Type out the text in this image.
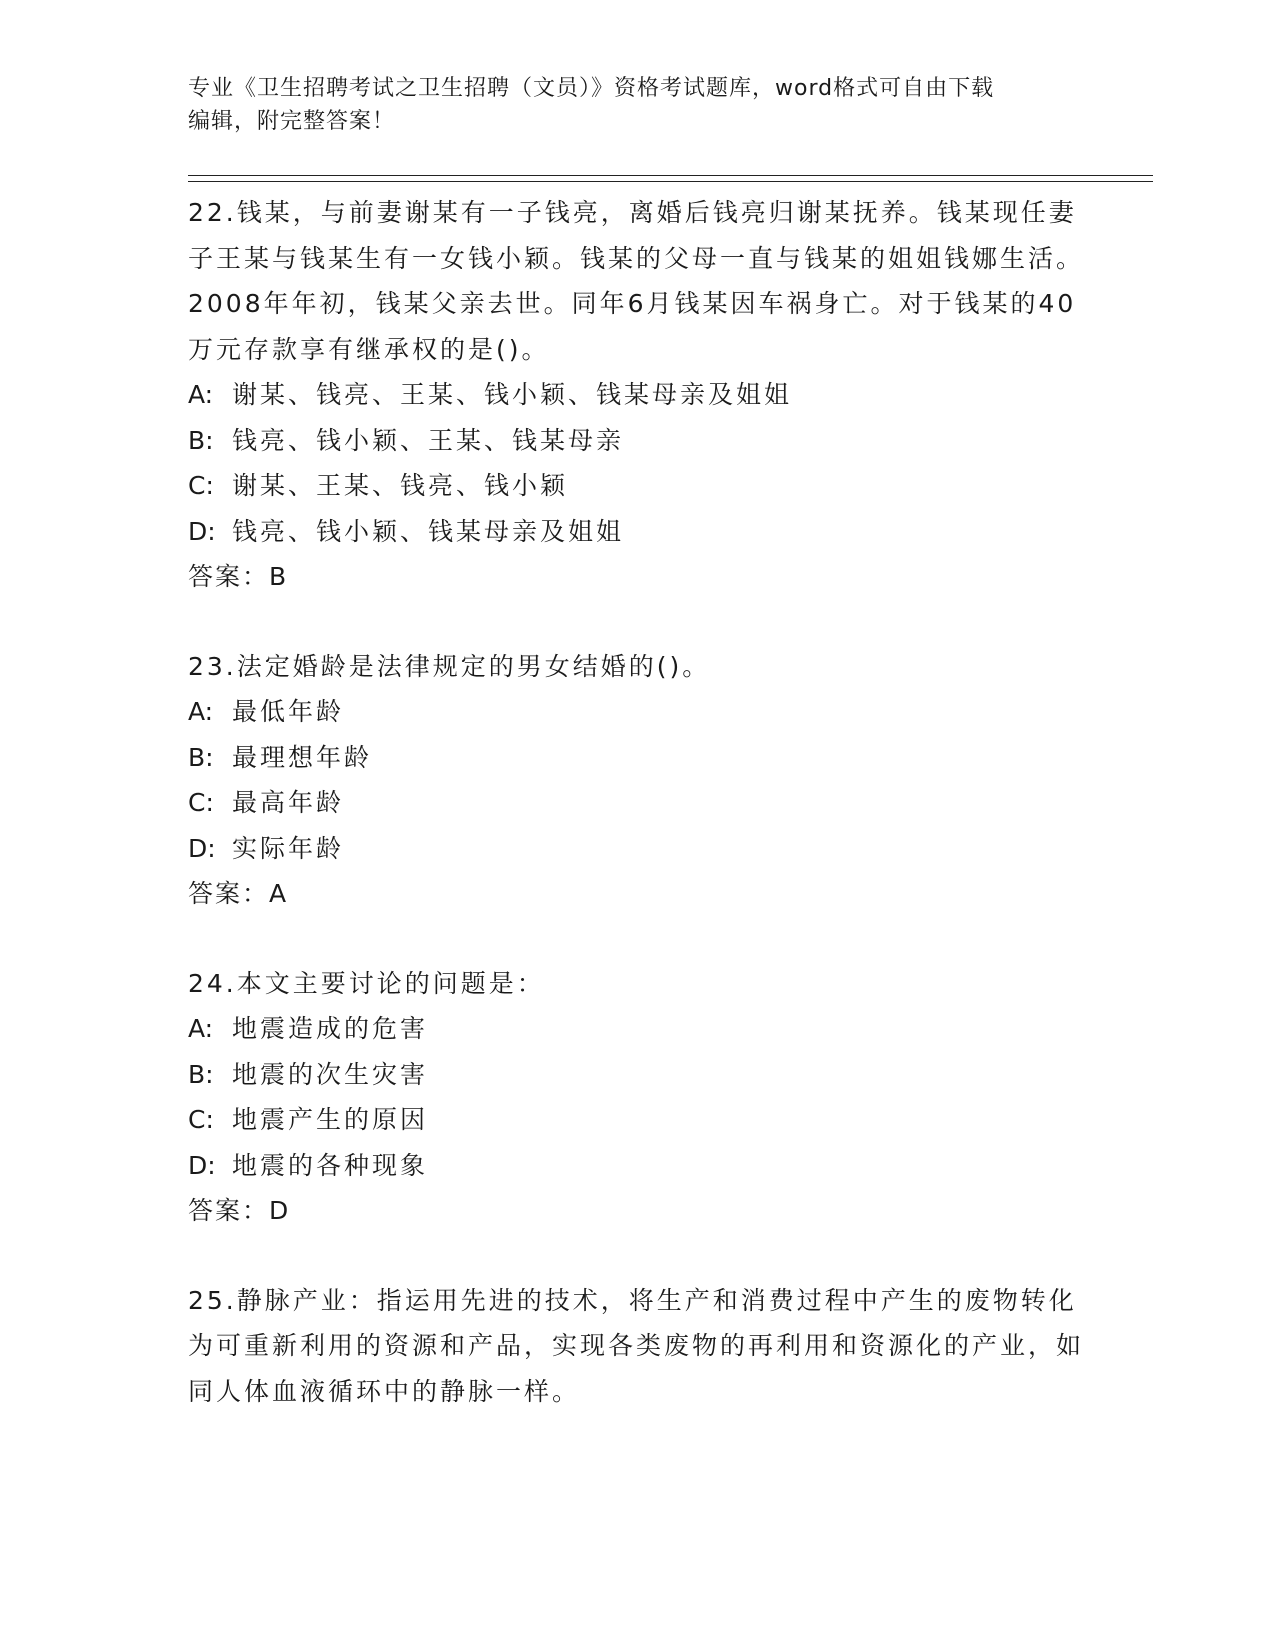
专业《卫生招聘考试之卫生招聘（文员）》资格考试题库，word格式可自由下载
编辑，附完整答案！
22.钱某，与前妻谢某有一子钱亮，离婚后钱亮归谢某抚养。钱某现任妻子王某与钱某生有一女钱小颖。钱某的父母一直与钱某的姐姐钱娜生活。2008年年初，钱某父亲去世。同年6月钱某因车祸身亡。对于钱某的40万元存款享有继承权的是()。
A: 谢某、钱亮、王某、钱小颖、钱某母亲及姐姐
B: 钱亮、钱小颖、王某、钱某母亲
C: 谢某、王某、钱亮、钱小颖
D: 钱亮、钱小颖、钱某母亲及姐姐
答案：B
23.法定婚龄是法律规定的男女结婚的()。
A: 最低年龄
B: 最理想年龄
C: 最高年龄
D: 实际年龄
答案：A
24.本文主要讨论的问题是：
A: 地震造成的危害
B: 地震的次生灾害
C: 地震产生的原因
D: 地震的各种现象
答案：D
25.静脉产业：指运用先进的技术，将生产和消费过程中产生的废物转化为可重新利用的资源和产品，实现各类废物的再利用和资源化的产业，如同人体血液循环中的静脉一样。
